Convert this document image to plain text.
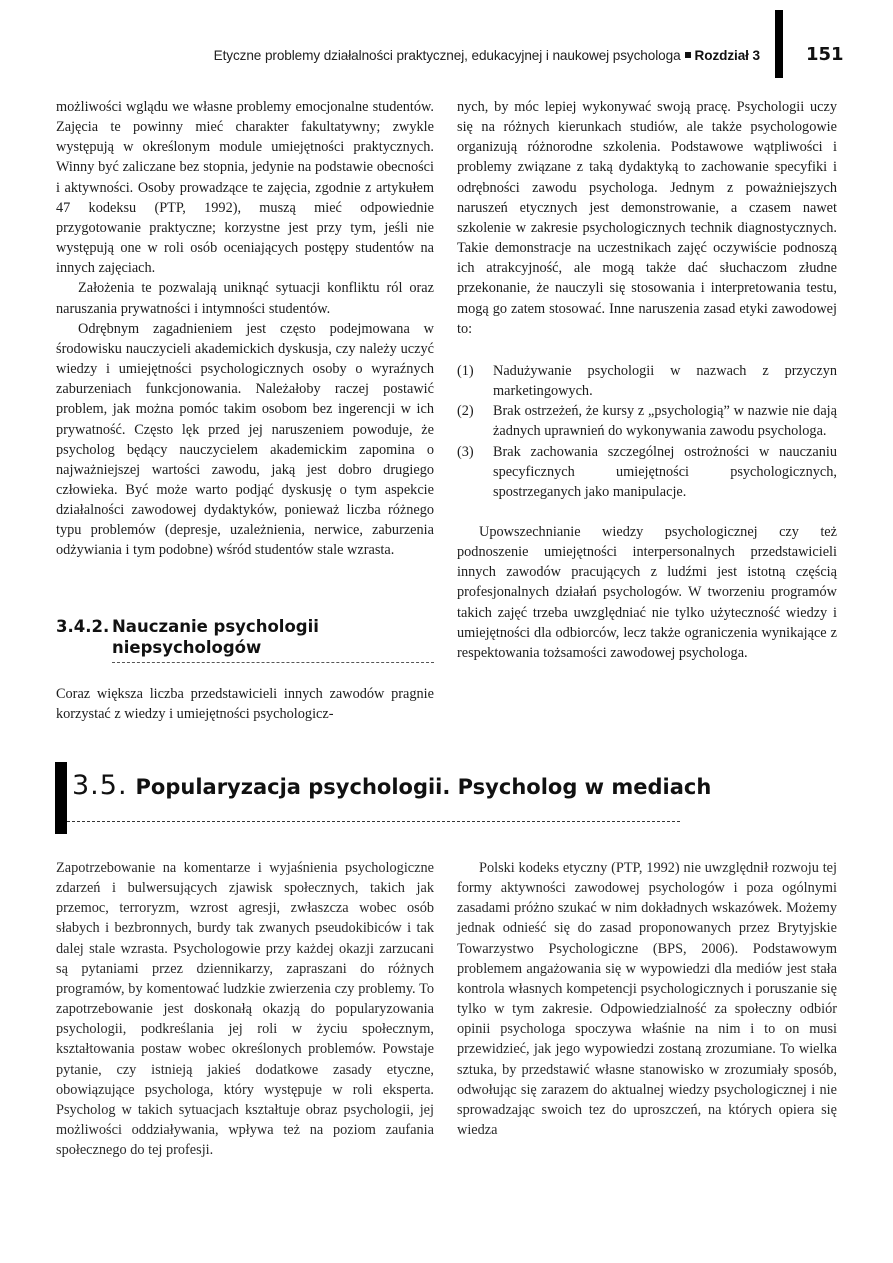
Etyczne problemy działalności praktycznej, edukacyjnej i naukowej psychologa Rozdział 3	151

możliwości wglądu we własne problemy emocjonalne studentów. Zajęcia te powinny mieć charakter fakultatywny; zwykle występują w określonym module umiejętności praktycznych. Winny być zaliczane bez stopnia, jedynie na podstawie obecności i aktywności. Osoby prowadzące te zajęcia, zgodnie z artykułem 47 kodeksu (PTP, 1992), muszą mieć odpowiednie przygotowanie praktyczne; korzystne jest przy tym, jeśli nie występują one w roli osób oceniających postępy studentów na innych zajęciach.

Założenia te pozwalają uniknąć sytuacji konfliktu ról oraz naruszania prywatności i intymności studentów.

Odrębnym zagadnieniem jest często podejmowana w środowisku nauczycieli akademickich dyskusja, czy należy uczyć wiedzy i umiejętności psychologicznych osoby o wyraźnych zaburzeniach funkcjonowania. Należałoby raczej postawić problem, jak można pomóc takim osobom bez ingerencji w ich prywatność. Często lęk przed jej naruszeniem powoduje, że psycholog będący nauczycielem akademickim zapomina o najważniejszej wartości zawodu, jaką jest dobro drugiego człowieka. Być może warto podjąć dyskusję o tym aspekcie działalności zawodowej dydaktyków, ponieważ liczba różnego typu problemów (depresje, uzależnienia, nerwice, zaburzenia odżywiania i tym podobne) wśród studentów stale wzrasta.

3.4.2. Nauczanie psychologii
niepsychologów

Coraz większa liczba przedstawicieli innych zawodów pragnie korzystać z wiedzy i umiejętności psychologicz-

nych, by móc lepiej wykonywać swoją pracę. Psychologii uczy się na różnych kierunkach studiów, ale także psychologowie organizują różnorodne szkolenia. Podstawowe wątpliwości i problemy związane z taką dydaktyką to zachowanie specyfiki i odrębności zawodu psychologa. Jednym z poważniejszych naruszeń etycznych jest demonstrowanie, a czasem nawet szkolenie w zakresie psychologicznych technik diagnostycznych. Takie demonstracje na uczestnikach zajęć oczywiście podnoszą ich atrakcyjność, ale mogą także dać słuchaczom złudne przekonanie, że nauczyli się stosowania i interpretowania testu, mogą go zatem stosować. Inne naruszenia zasad etyki zawodowej to:

(1) Nadużywanie psychologii w nazwach z przyczyn marketingowych.
(2) Brak ostrzeżeń, że kursy z „psychologią” w nazwie nie dają żadnych uprawnień do wykonywania zawodu psychologa.
(3) Brak zachowania szczególnej ostrożności w nauczaniu specyficznych umiejętności psychologicznych, spostrzeganych jako manipulacje.

Upowszechnianie wiedzy psychologicznej czy też podnoszenie umiejętności interpersonalnych przedstawicieli innych zawodów pracujących z ludźmi jest istotną częścią profesjonalnych działań psychologów. W tworzeniu programów takich zajęć trzeba uwzględniać nie tylko użyteczność wiedzy i umiejętności dla odbiorców, lecz także ograniczenia wynikające z respektowania tożsamości zawodowej psychologa.

3.5. Popularyzacja psychologii. Psycholog w mediach

Zapotrzebowanie na komentarze i wyjaśnienia psychologiczne zdarzeń i bulwersujących zjawisk społecznych, takich jak przemoc, terroryzm, wzrost agresji, zwłaszcza wobec osób słabych i bezbronnych, burdy tak zwanych pseudokibiców i tak dalej stale wzrasta. Psychologowie przy każdej okazji zarzucani są pytaniami przez dziennikarzy, zapraszani do różnych programów, by komentować ludzkie zwierzenia czy problemy. To zapotrzebowanie jest doskonałą okazją do popularyzowania psychologii, podkreślania jej roli w życiu społecznym, kształtowania postaw wobec określonych problemów. Powstaje pytanie, czy istnieją jakieś dodatkowe zasady etyczne, obowiązujące psychologa, który występuje w roli eksperta. Psycholog w takich sytuacjach kształtuje obraz psychologii, jej możliwości oddziaływania, wpływa też na poziom zaufania społecznego do tej profesji.

Polski kodeks etyczny (PTP, 1992) nie uwzględnił rozwoju tej formy aktywności zawodowej psychologów i poza ogólnymi zasadami próżno szukać w nim dokładnych wskazówek. Możemy jednak odnieść się do zasad proponowanych przez Brytyjskie Towarzystwo Psychologiczne (BPS, 2006). Podstawowym problemem angażowania się w wypowiedzi dla mediów jest stała kontrola własnych kompetencji psychologicznych i poruszanie się tylko w tym zakresie. Odpowiedzialność za społeczny odbiór opinii psychologa spoczywa właśnie na nim i to on musi przewidzieć, jak jego wypowiedzi zostaną zrozumiane. To wielka sztuka, by przedstawić własne stanowisko w zrozumiały sposób, odwołując się zarazem do aktualnej wiedzy psychologicznej i nie sprowadzając swoich tez do uproszczeń, na których opiera się wiedza
